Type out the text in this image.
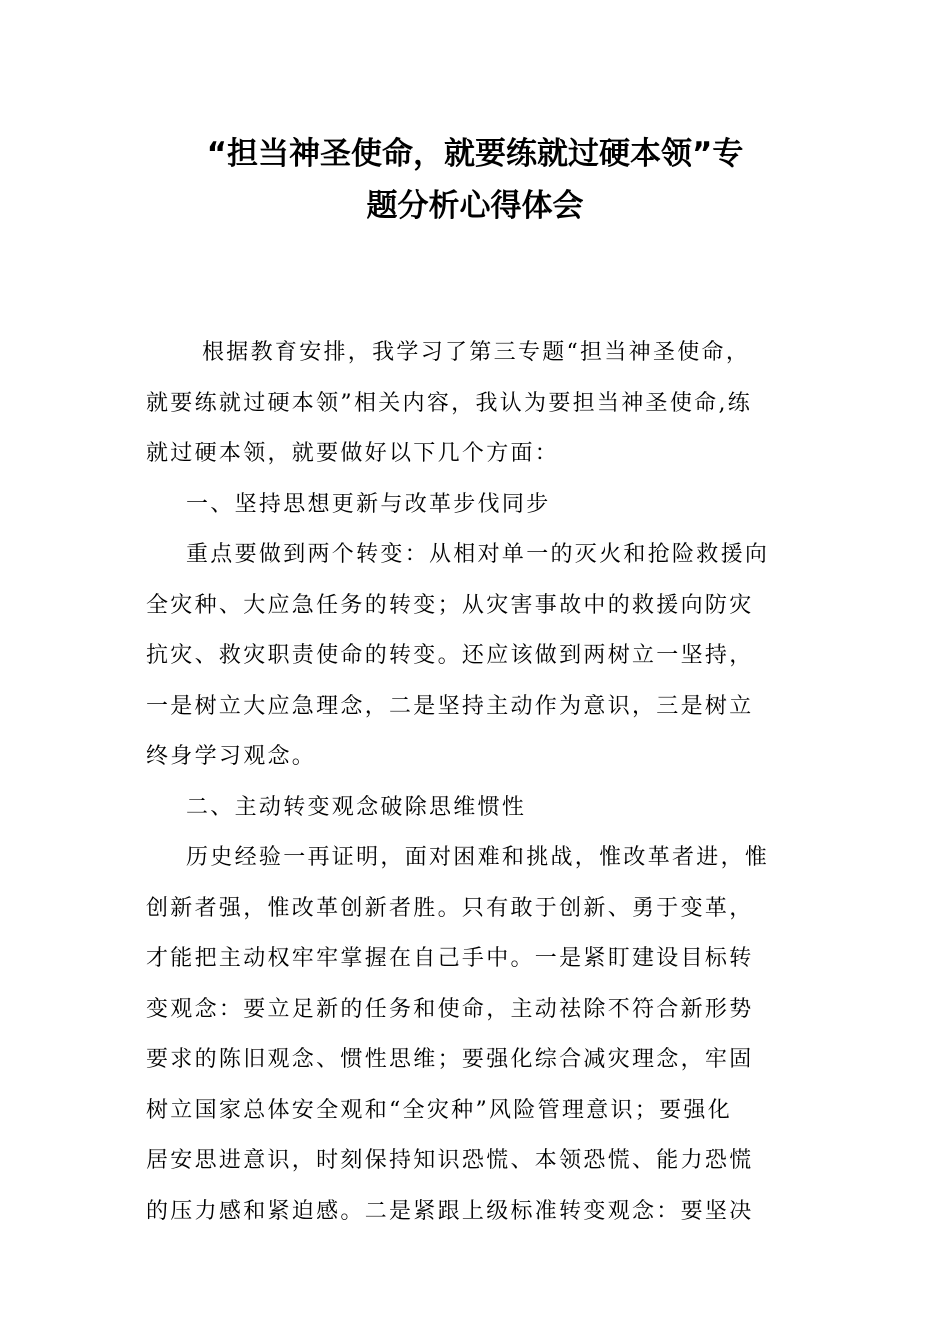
“担当神圣使命，就要练就过硬本领”专
题分析心得体会
根据教育安排，我学习了第三专题“担当神圣使命，
就要练就过硬本领”相关内容，我认为要担当神圣使命,练
就过硬本领，就要做好以下几个方面：
一、坚持思想更新与改革步伐同步
重点要做到两个转变：从相对单一的灭火和抢险救援向
全灾种、大应急任务的转变；从灾害事故中的救援向防灾
抗灾、救灾职责使命的转变。还应该做到两树立一坚持，
一是树立大应急理念，二是坚持主动作为意识，三是树立
终身学习观念。
二、主动转变观念破除思维惯性
历史经验一再证明，面对困难和挑战，惟改革者进，惟
创新者强，惟改革创新者胜。只有敢于创新、勇于变革，
才能把主动权牢牢掌握在自己手中。一是紧盯建设目标转
变观念：要立足新的任务和使命，主动祛除不符合新形势
要求的陈旧观念、惯性思维；要强化综合减灾理念，牢固
树立国家总体安全观和“全灾种”风险管理意识；要强化
居安思进意识，时刻保持知识恐慌、本领恐慌、能力恐慌
的压力感和紧迫感。二是紧跟上级标准转变观念：要坚决
